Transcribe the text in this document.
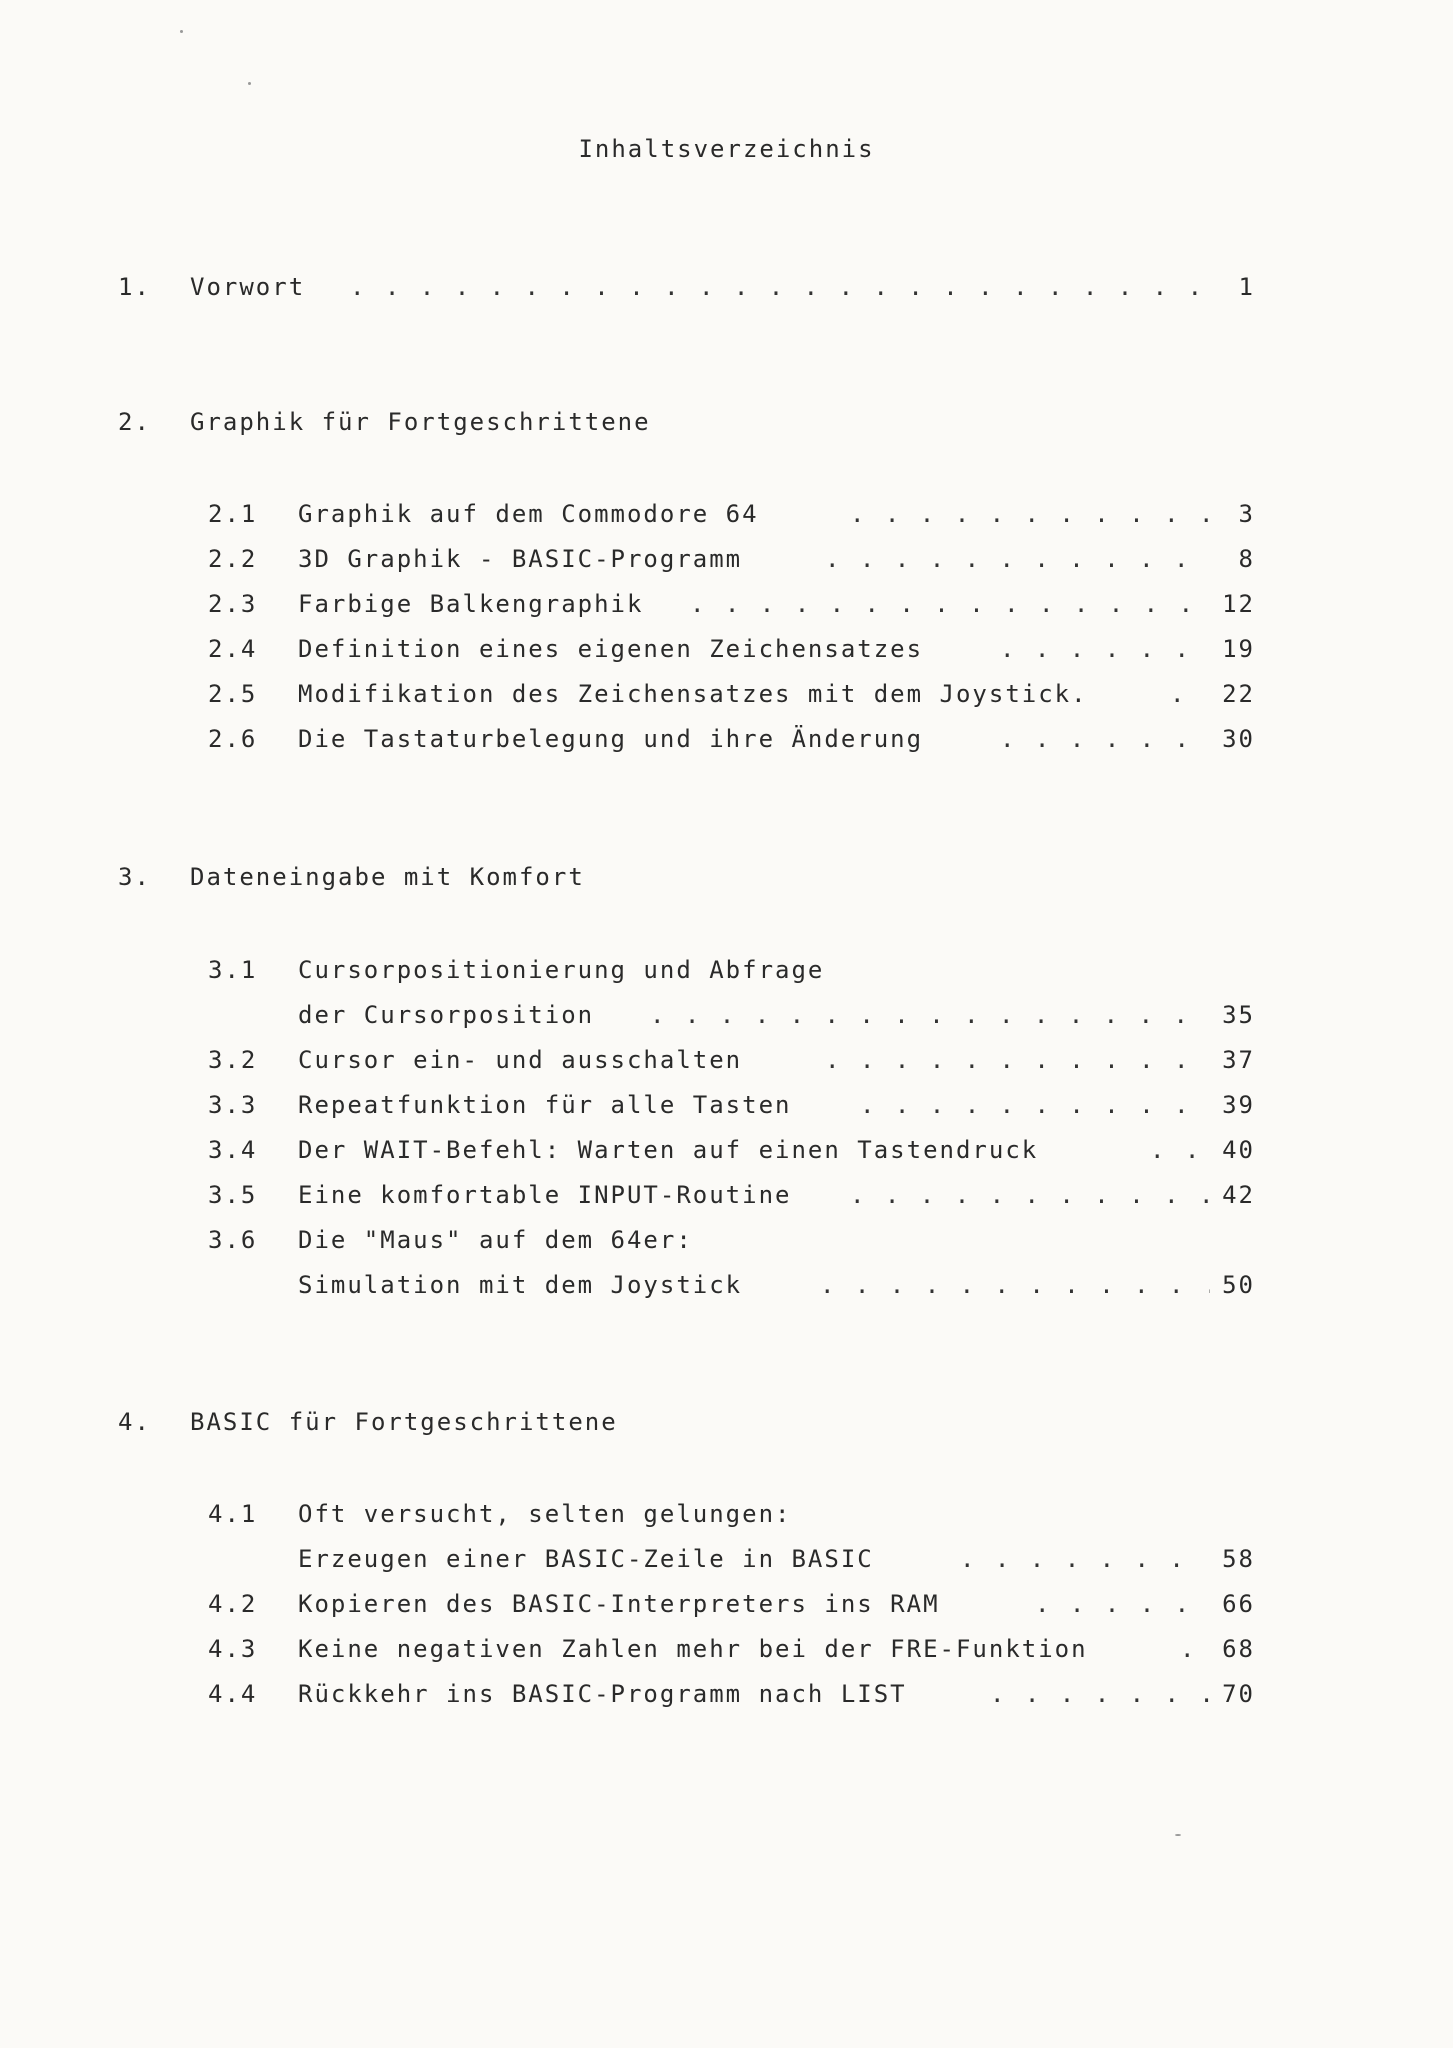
Inhaltsverzeichnis
1. Vorwort . . .	1
2. Graphik für Fortgeschrittene
2.1 Graphik auf dem Commodore 64 . . .	3
2.2 3D Graphik - BASIC-Programm . . .	8
2.3 Farbige Balkengraphik . . .	12
2.4 Definition eines eigenen Zeichensatzes . . .	19
2.5 Modifikation des Zeichensatzes mit dem Joystick. . . .	22
2.6 Die Tastaturbelegung und ihre Änderung . . .	30
3. Dateneingabe mit Komfort
3.1 Cursorpositionierung und Abfrage
der Cursorposition . . .	35
3.2 Cursor ein- und ausschalten . . .	37
3.3 Repeatfunktion für alle Tasten . . .	39
3.4 Der WAIT-Befehl: Warten auf einen Tastendruck . . .	40
3.5 Eine komfortable INPUT-Routine . . .	42
3.6 Die "Maus" auf dem 64er:
Simulation mit dem Joystick . . .	50
4. BASIC für Fortgeschrittene
4.1 Oft versucht, selten gelungen:
Erzeugen einer BASIC-Zeile in BASIC . . .	58
4.2 Kopieren des BASIC-Interpreters ins RAM . . .	66
4.3 Keine negativen Zahlen mehr bei der FRE-Funktion . . .	68
4.4 Rückkehr ins BASIC-Programm nach LIST . . .	70
